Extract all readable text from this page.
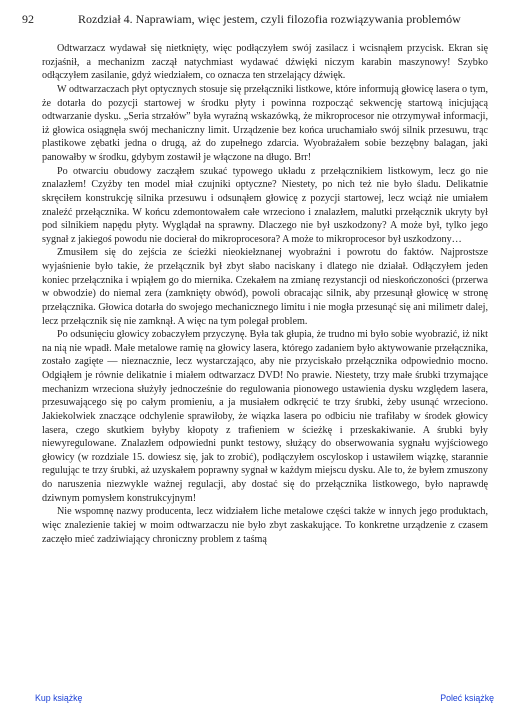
92	Rozdział 4. Naprawiam, więc jestem, czyli filozofia rozwiązywania problemów

Odtwarzacz wydawał się nietknięty, więc podłączyłem swój zasilacz i wcisnąłem przycisk. Ekran się rozjaśnił, a mechanizm zaczął natychmiast wydawać dźwięki niczym karabin maszynowy! Szybko odłączyłem zasilanie, gdyż wiedziałem, co oznacza ten strzelający dźwięk.

W odtwarzaczach płyt optycznych stosuje się przełączniki listkowe, które informują głowicę lasera o tym, że dotarła do pozycji startowej w środku płyty i powinna rozpocząć sekwencję startową inicjującą odtwarzanie dysku. „Seria strzałów” była wyraźną wskazówką, że mikroprocesor nie otrzymywał informacji, iż głowica osiągnęła swój mechaniczny limit. Urządzenie bez końca uruchamiało swój silnik przesuwu, trąc plastikowe zębatki jedna o drugą, aż do zupełnego zdarcia. Wyobrażałem sobie bezzębny balagan, jaki panowałby w środku, gdybym zostawił je włączone na długo. Brr!

Po otwarciu obudowy zacząłem szukać typowego układu z przełącznikiem listkowym, lecz go nie znalazłem! Czyżby ten model miał czujniki optyczne? Niestety, po nich też nie było śladu. Delikatnie skręciłem konstrukcję silnika przesuwu i odsunąłem głowicę z pozycji startowej, lecz wciąż nie umiałem znaleźć przełącznika. W końcu zdemontowałem całe wrzeciono i znalazłem, malutki przełącznik ukryty był pod silnikiem napędu płyty. Wyglądał na sprawny. Dlaczego nie był uszkodzony? A może był, tylko jego sygnał z jakiegoś powodu nie docierał do mikroprocesora? A może to mikroprocesor był uszkodzony…

Zmusiłem się do zejścia ze ścieżki nieokiełznanej wyobraźni i powrotu do faktów. Najprostsze wyjaśnienie było takie, że przełącznik był zbyt słabo naciskany i dlatego nie działał. Odłączyłem jeden koniec przełącznika i wpiąłem go do miernika. Czekałem na zmianę rezystancji od nieskończoności (przerwa w obwodzie) do niemal zera (zamknięty obwód), powoli obracając silnik, aby przesunął głowicę w stronę przełącznika. Głowica dotarła do swojego mechanicznego limitu i nie mogła przesunąć się ani milimetr dalej, lecz przełącznik się nie zamknął. A więc na tym polegał problem.

Po odsunięciu głowicy zobaczyłem przyczynę. Była tak głupia, że trudno mi było sobie wyobrazić, iż nikt na nią nie wpadł. Małe metalowe ramię na głowicy lasera, którego zadaniem było aktywowanie przełącznika, zostało zagięte — nieznacznie, lecz wystarczająco, aby nie przyciskało przełącznika odpowiednio mocno. Odgiąłem je równie delikatnie i miałem odtwarzacz DVD! No prawie. Niestety, trzy małe śrubki trzymające mechanizm wrzeciona służyły jednocześnie do regulowania pionowego ustawienia dysku względem lasera, przesuwającego się po całym promieniu, a ja musiałem odkręcić te trzy śrubki, żeby usunąć wrzeciono. Jakiekolwiek znaczące odchylenie sprawiłoby, że wiązka lasera po odbiciu nie trafiłaby w środek głowicy lasera, czego skutkiem byłyby kłopoty z trafieniem w ścieżkę i przeskakiwanie. A śrubki były niewyregulowane. Znalazłem odpowiedni punkt testowy, służący do obserwowania sygnału wyjściowego głowicy (w rozdziale 15. dowiesz się, jak to zrobić), podłączyłem oscyloskop i ustawiłem wiązkę, starannie regulując te trzy śrubki, aż uzyskałem poprawny sygnał w każdym miejscu dysku. Ale to, że byłem zmuszony do naruszenia niezwykle ważnej regulacji, aby dostać się do przełącznika listkowego, było naprawdę dziwnym pomysłem konstrukcyjnym!

Nie wspomnę nazwy producenta, lecz widziałem liche metalowe części także w innych jego produktach, więc znalezienie takiej w moim odtwarzaczu nie było zbyt zaskakujące. To konkretne urządzenie z czasem zaczęło mieć zadziwiający chroniczny problem z taśmą

Kup książkę	Poleć książkę
